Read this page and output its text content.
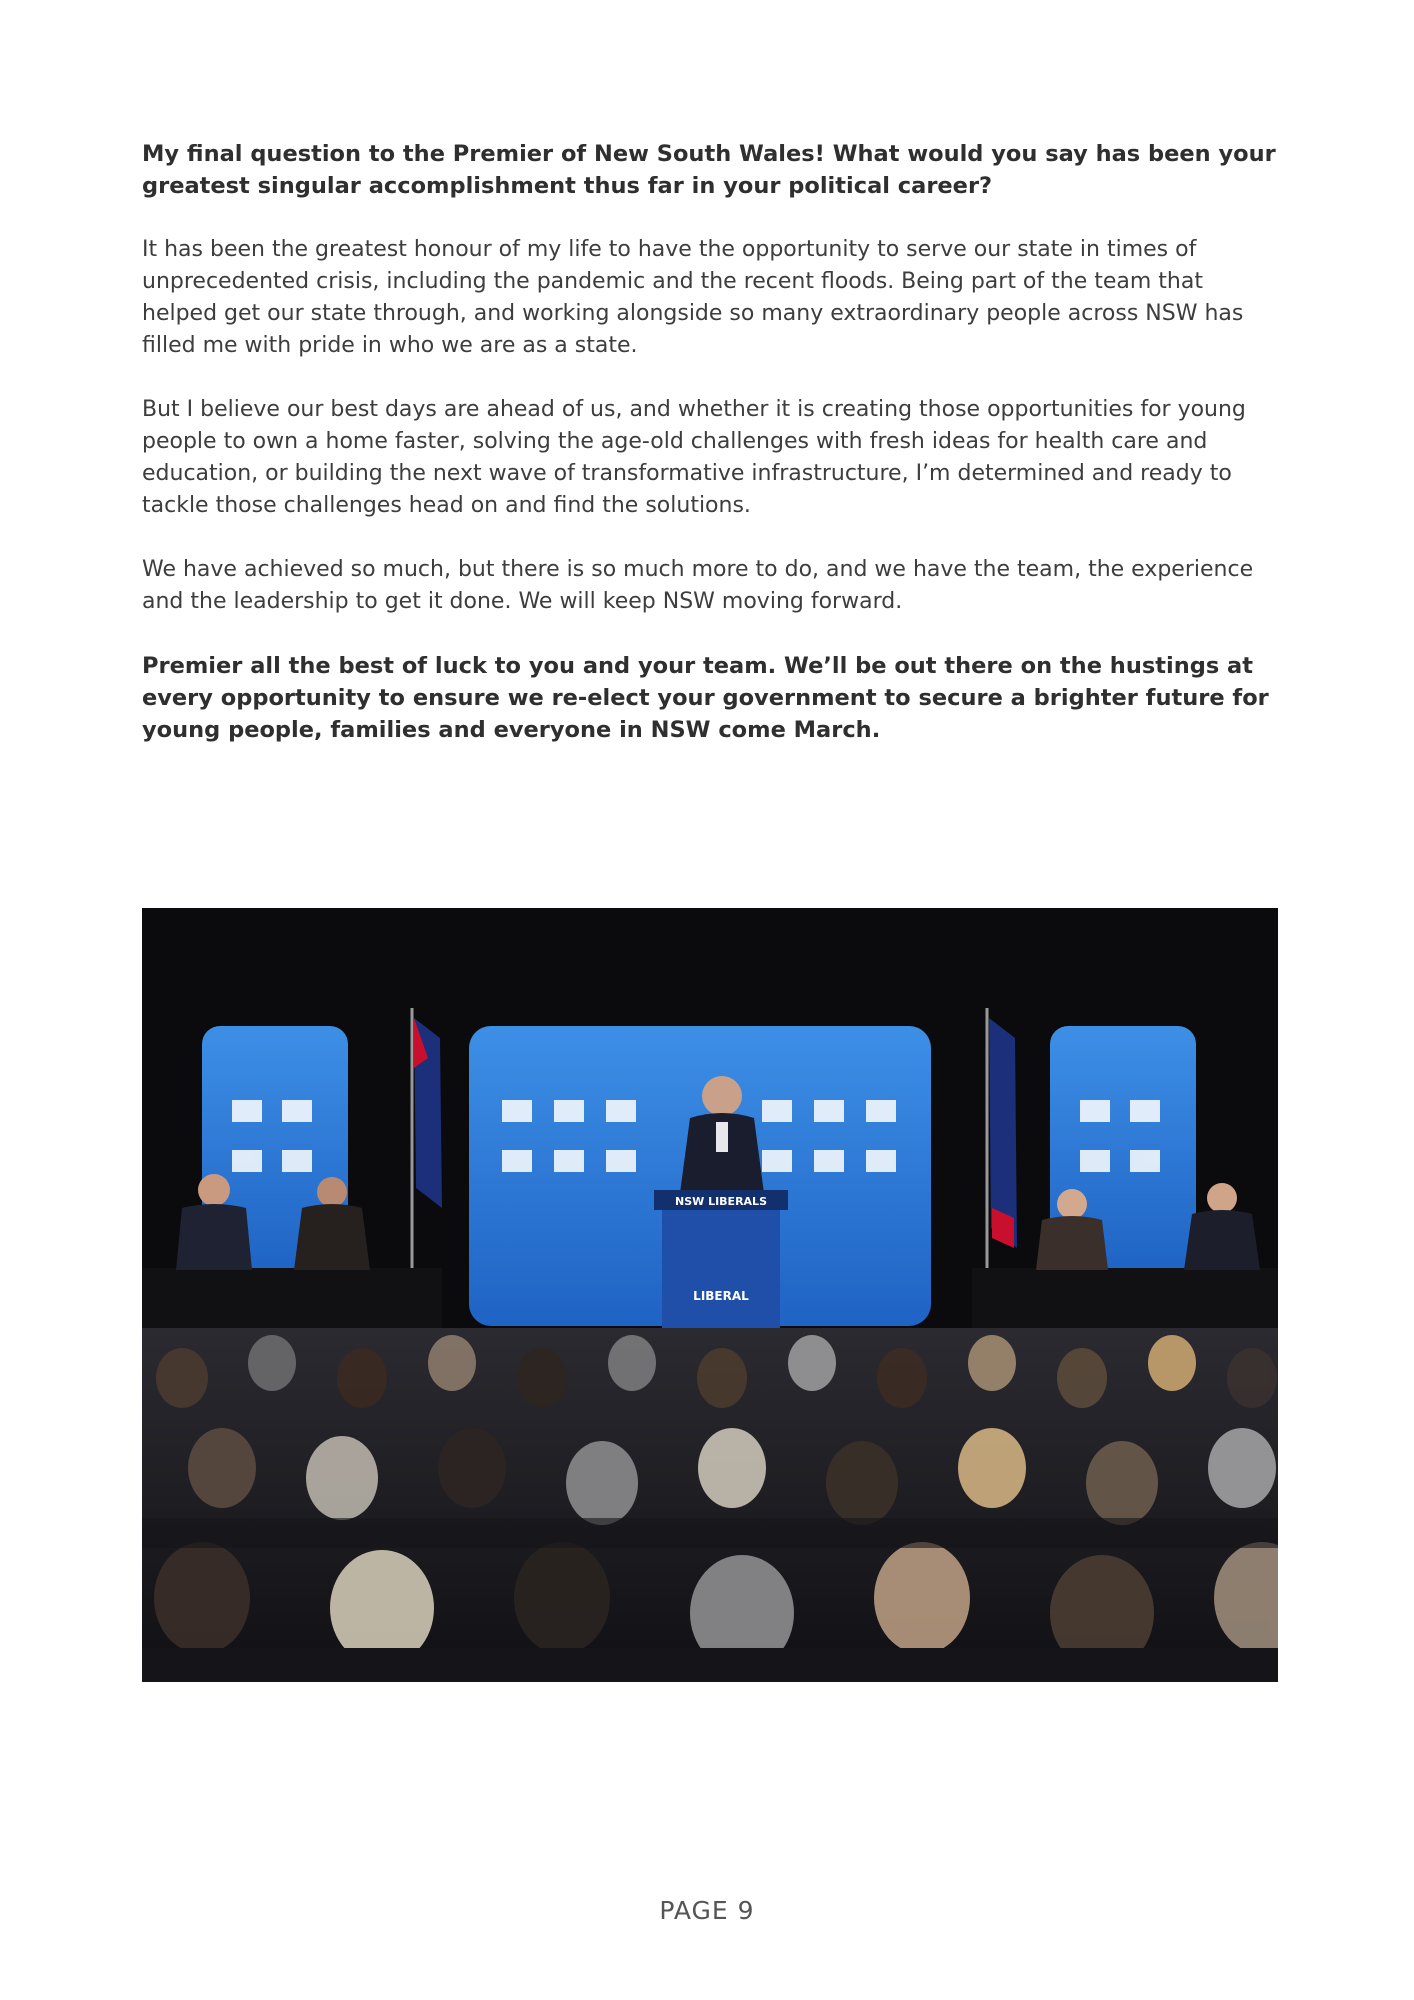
My final question to the Premier of New South Wales! What would you say has been your greatest singular accomplishment thus far in your political career?

It has been the greatest honour of my life to have the opportunity to serve our state in times of unprecedented crisis, including the pandemic and the recent floods. Being part of the team that helped get our state through, and working alongside so many extraordinary people across NSW has filled me with pride in who we are as a state.

But I believe our best days are ahead of us, and whether it is creating those opportunities for young people to own a home faster, solving the age-old challenges with fresh ideas for health care and education, or building the next wave of transformative infrastructure, I’m determined and ready to tackle those challenges head on and find the solutions.

We have achieved so much, but there is so much more to do, and we have the team, the experience and the leadership to get it done. We will keep NSW moving forward.

Premier all the best of luck to you and your team. We’ll be out there on the hustings at every opportunity to ensure we re-elect your government to secure a brighter future for young people, families and everyone in NSW come March.

NSW LIBERALS
LIBERAL
PAGE 9
